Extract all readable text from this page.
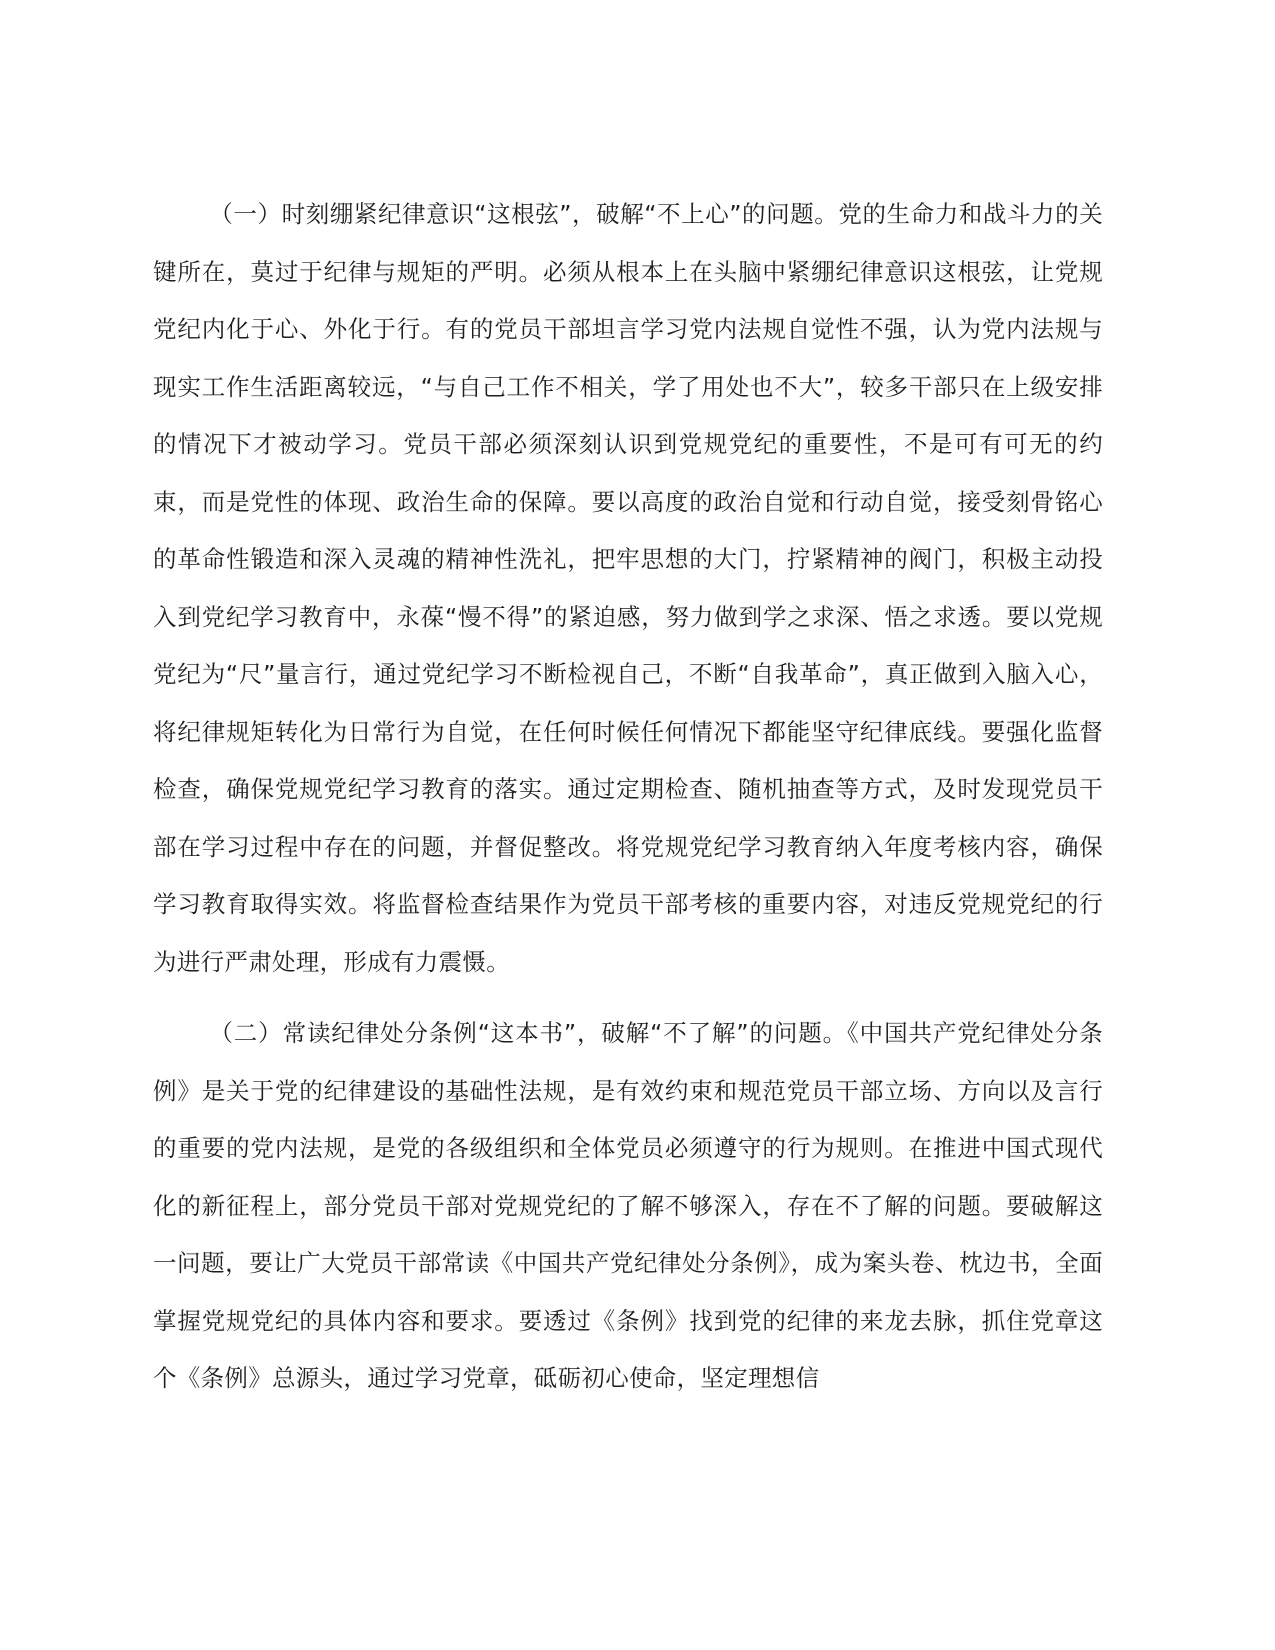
（一）时刻绷紧纪律意识“这根弦”，破解“不上心”的问题。党的生命力和战斗力的关键所在，莫过于纪律与规矩的严明。必须从根本上在头脑中紧绷纪律意识这根弦，让党规党纪内化于心、外化于行。有的党员干部坦言学习党内法规自觉性不强，认为党内法规与现实工作生活距离较远，“与自己工作不相关，学了用处也不大”，较多干部只在上级安排的情况下才被动学习。党员干部必须深刻认识到党规党纪的重要性，不是可有可无的约束，而是党性的体现、政治生命的保障。要以高度的政治自觉和行动自觉，接受刻骨铭心的革命性锻造和深入灵魂的精神性洗礼，把牢思想的大门，拧紧精神的阀门，积极主动投入到党纪学习教育中，永葆“慢不得”的紧迫感，努力做到学之求深、悟之求透。要以党规党纪为“尺”量言行，通过党纪学习不断检视自己，不断“自我革命”，真正做到入脑入心，将纪律规矩转化为日常行为自觉，在任何时候任何情况下都能坚守纪律底线。要强化监督检查，确保党规党纪学习教育的落实。通过定期检查、随机抽查等方式，及时发现党员干部在学习过程中存在的问题，并督促整改。将党规党纪学习教育纳入年度考核内容，确保学习教育取得实效。将监督检查结果作为党员干部考核的重要内容，对违反党规党纪的行为进行严肃处理，形成有力震慑。

（二）常读纪律处分条例“这本书”，破解“不了解”的问题。《中国共产党纪律处分条例》是关于党的纪律建设的基础性法规，是有效约束和规范党员干部立场、方向以及言行的重要的党内法规，是党的各级组织和全体党员必须遵守的行为规则。在推进中国式现代化的新征程上，部分党员干部对党规党纪的了解不够深入，存在不了解的问题。要破解这一问题，要让广大党员干部常读《中国共产党纪律处分条例》，成为案头卷、枕边书，全面掌握党规党纪的具体内容和要求。要透过《条例》找到党的纪律的来龙去脉，抓住党章这个《条例》总源头，通过学习党章，砥砺初心使命，坚定理想信
